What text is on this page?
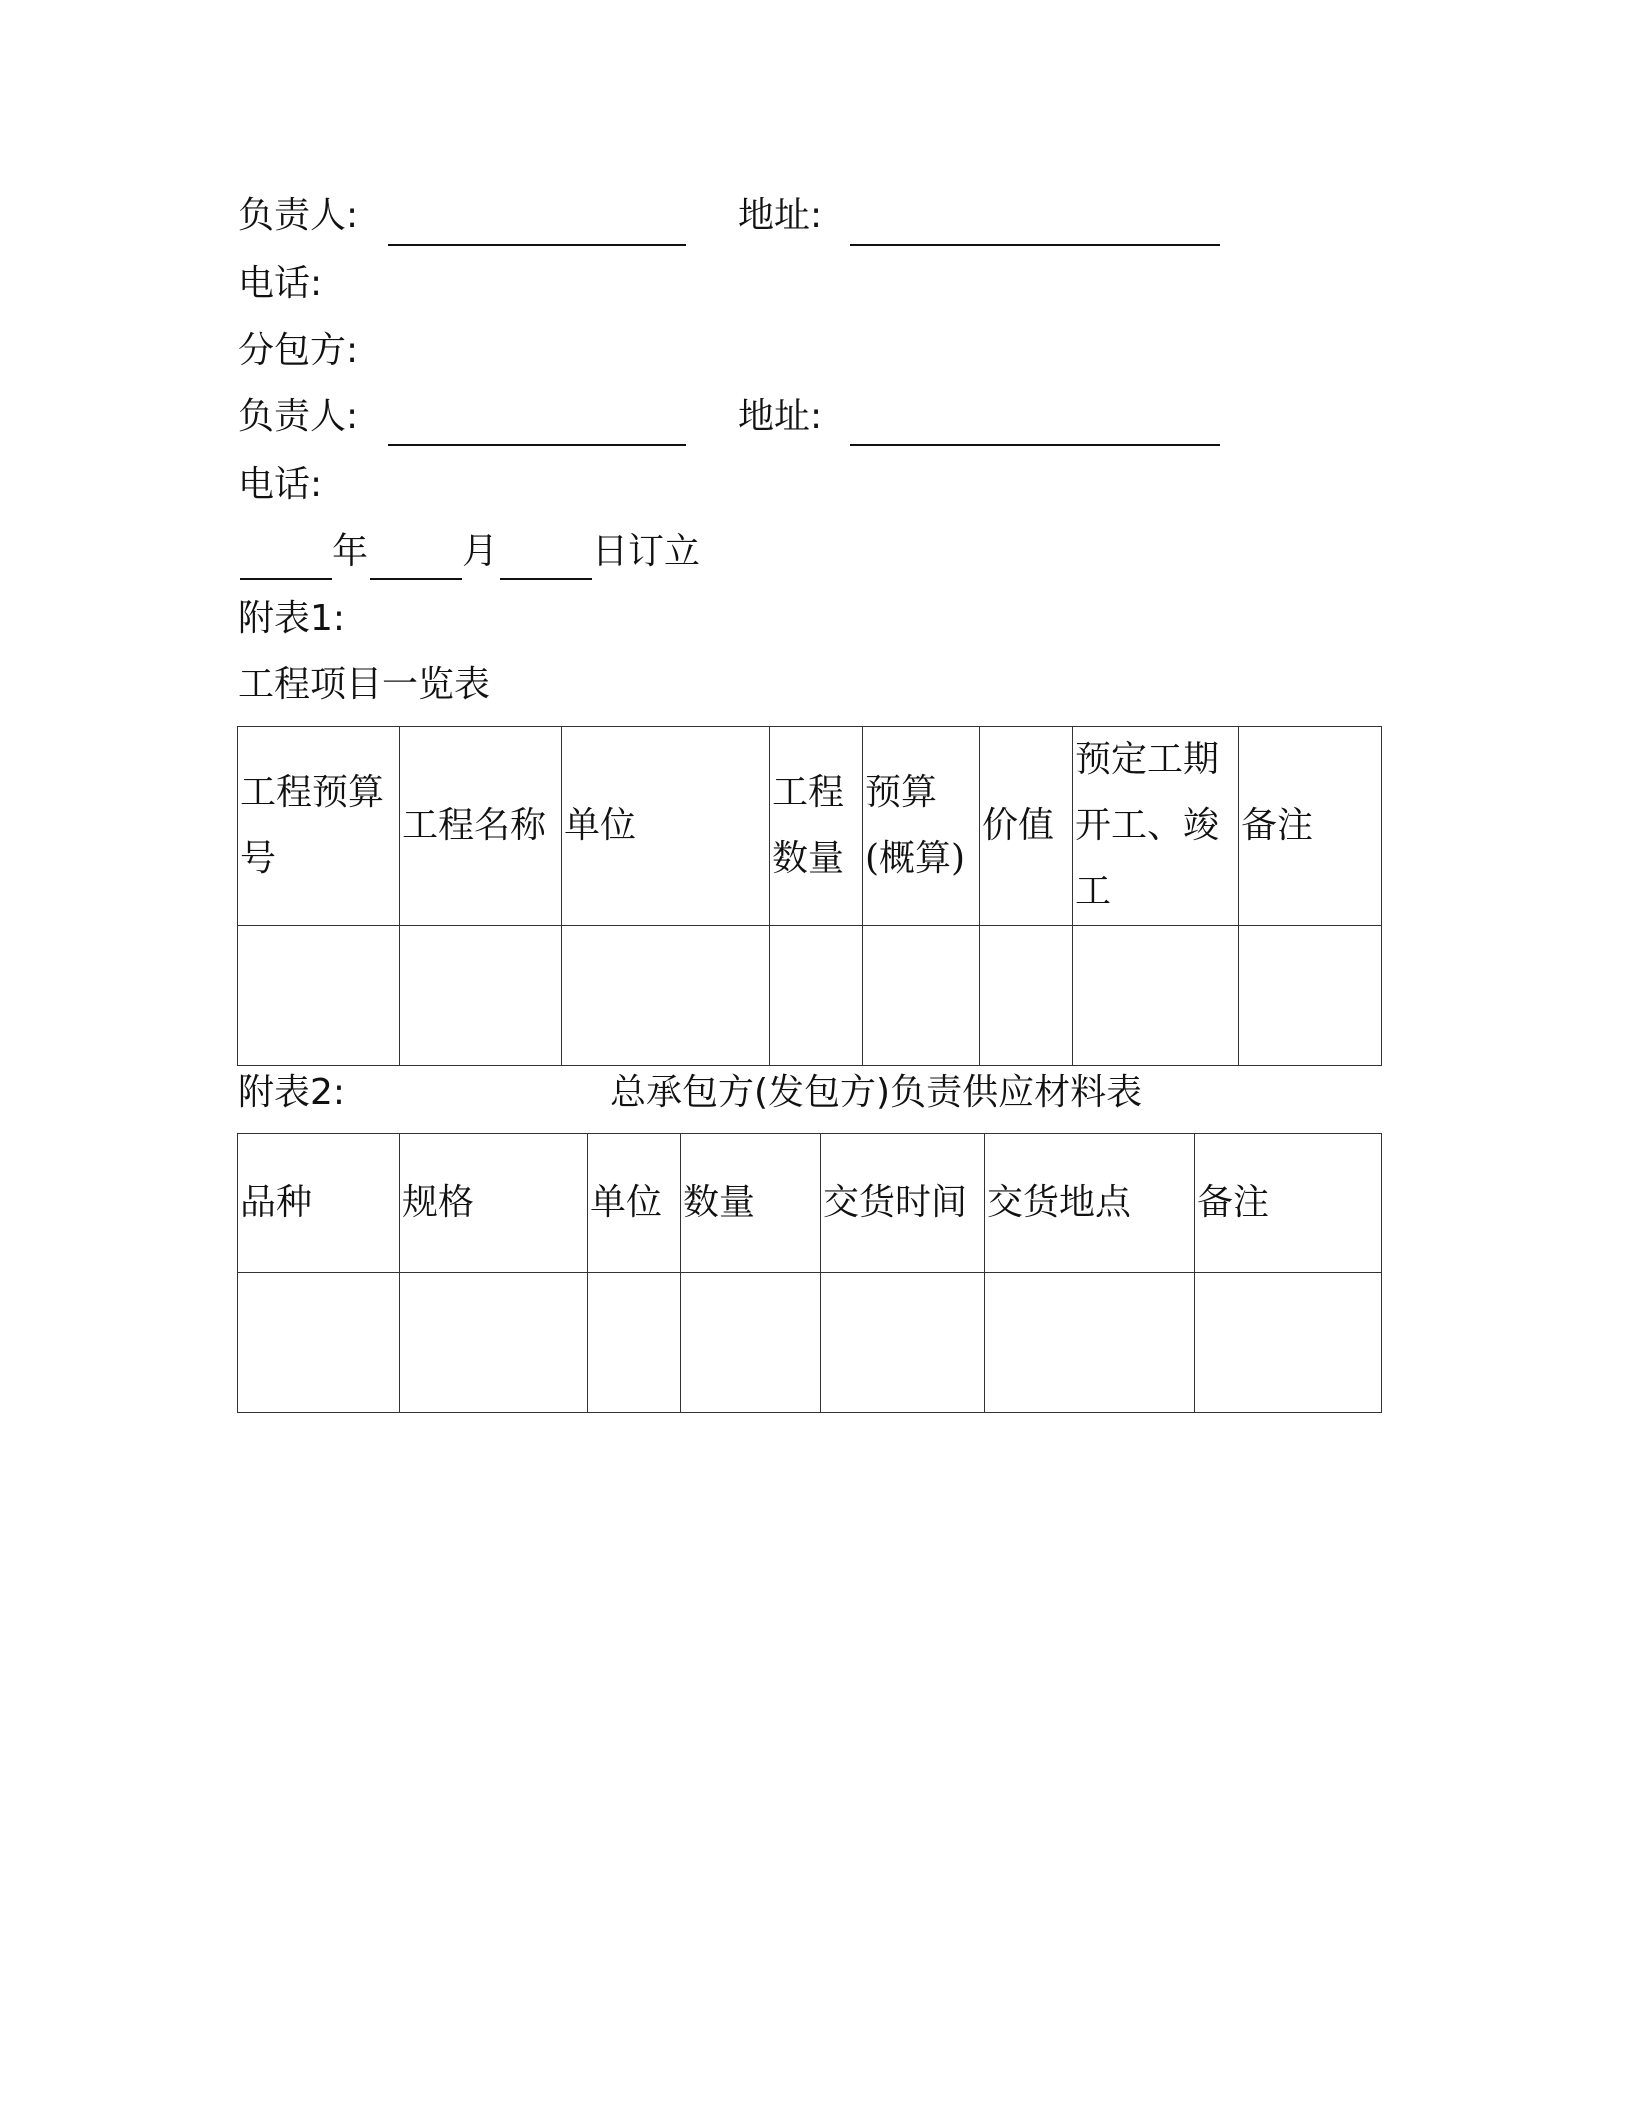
负责人:	地址:
电话:
分包方:
负责人:	地址:
电话:
年	月	日订立
附表1:
工程项目一览表
工程预算号	工程名称	单位	工程数量	预算(概算)	价值	预定工期开工、竣工	备注

附表2:	总承包方(发包方)负责供应材料表
品种	规格	单位	数量	交货时间	交货地点	备注
